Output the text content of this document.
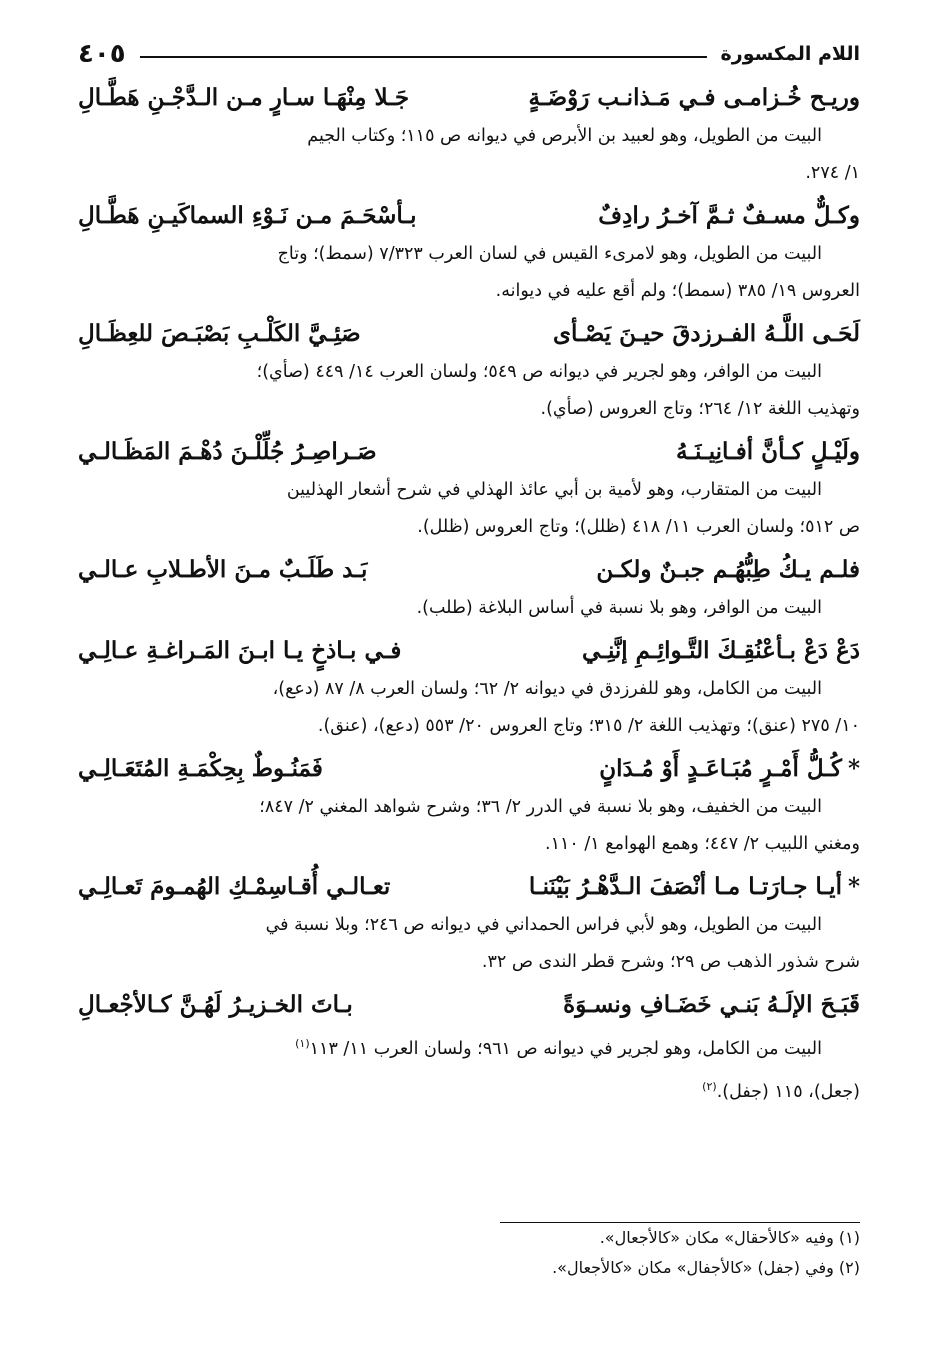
اللام المكسورة
٤٠٥
وريـح خُـزامـى فـي مَـذانـب رَوْضَـةٍ
جَـلا مِنْهَـا سـارٍ مـن الـدَّجْـنِ هَطَّـالِ

البيت من الطويل، وهو لعبيد بن الأبرص في ديوانه ص ١١٥؛ وكتاب الجيم

١/ ٢٧٤.

وكـلٌّ مسـفٌ ثـمَّ آخـرُ رادِفٌ
بـأسْحَـمَ مـن نَـوْءِ السماكَيـنِ هَطَّـالِ

البيت من الطويل، وهو لامرىء القيس في لسان العرب ٧/٣٢٣ (سمط)؛ وتاج

العروس ١٩/ ٣٨٥ (سمط)؛ ولم أقع عليه في ديوانه.

لَحَـى اللَّـهُ الفـرزدقَ حيـنَ يَصْـأى
صَئِـيَّ الكَلْـبِ بَصْبَـصَ للعِظَـالِ

البيت من الوافر، وهو لجرير في ديوانه ص ٥٤٩؛ ولسان العرب ١٤/ ٤٤٩ (صأي)؛

وتهذيب اللغة ١٢/ ٢٦٤؛ وتاج العروس (صأي).

ولَيْـلٍ كـأنَّ أفـانِيـنَـهُ
صَـراصِـرُ جُلِّلْـنَ دُهْـمَ المَظَـالـي

البيت من المتقارب، وهو لأمية بن أبي عائذ الهذلي في شرح أشعار الهذليين

ص ٥١٢؛ ولسان العرب ١١/ ٤١٨ (ظلل)؛ وتاج العروس (ظلل).

فلـم يـكُ طِبُّهُـم جبـنٌ ولكـن
بَـد طَلَـبٌ مـنَ الأطـلابِ عـالـي

البيت من الوافر، وهو بلا نسبة في أساس البلاغة (طلب).

دَعْ دَعْ بـأعْنُقِـكَ التَّـوائِـمِ إنَّنِـي
فـي بـاذخٍ يـا ابـنَ المَـراغـةِ عـالِـي

البيت من الكامل، وهو للفرزدق في ديوانه ٢/ ٦٢؛ ولسان العرب ٨/ ٨٧ (دعع)،

١٠/ ٢٧٥ (عنق)؛ وتهذيب اللغة ٢/ ٣١٥؛ وتاج العروس ٢٠/ ٥٥٣ (دعع)، (عنق).

*كُـلُّ أَمْـرٍ مُبَـاعَـدٍ أَوْ مُـدَانٍ
فَمَنُـوطٌ بِحِكْمَـةِ المُتَعَـالِـي

البيت من الخفيف، وهو بلا نسبة في الدرر ٢/ ٣٦؛ وشرح شواهد المغني ٢/ ٨٤٧؛

ومغني اللبيب ٢/ ٤٤٧؛ وهمع الهوامع ١/ ١١٠.

*أيـا جـارَتـا مـا أنْصَفَ الـدَّهْـرُ بَيْنَنـا
تعـالـي أُقـاسِمْـكِ الهُمـومَ تَعـالِـي

البيت من الطويل، وهو لأبي فراس الحمداني في ديوانه ص ٢٤٦؛ وبلا نسبة في

شرح شذور الذهب ص ٢٩؛ وشرح قطر الندى ص ٣٢.

قَبَـحَ الإلَـهُ بَنـي خَضَـافِ ونسـوَةً
بـاتَ الخـزيـرُ لَهُـنَّ كـالأجْعـالِ

البيت من الكامل، وهو لجرير في ديوانه ص ٩٦١؛ ولسان العرب ١١/ ١١٣$^{(١)}$

(جعل)، ١١٥ (جفل).$^{(٢)}$

(١) وفيه «كالأحقال» مكان «كالأجعال».

(٢) وفي (جفل) «كالأجفال» مكان «كالأجعال».
